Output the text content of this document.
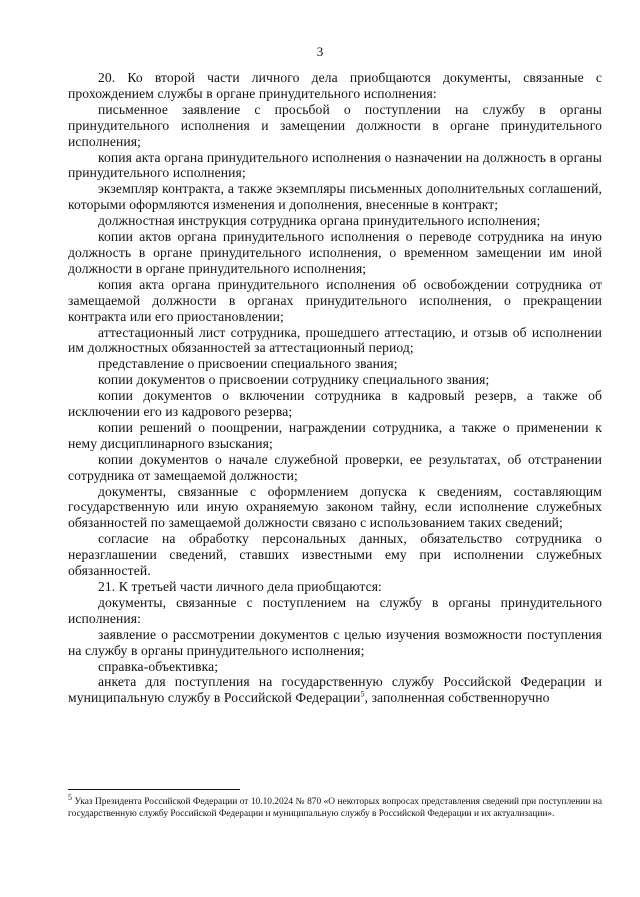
3

20. Ко второй части личного дела приобщаются документы, связанные с прохождением службы в органе принудительного исполнения:

письменное заявление с просьбой о поступлении на службу в органы принудительного исполнения и замещении должности в органе принудительного исполнения;

копия акта органа принудительного исполнения о назначении на должность в органы принудительного исполнения;

экземпляр контракта, а также экземпляры письменных дополнительных соглашений, которыми оформляются изменения и дополнения, внесенные в контракт;

должностная инструкция сотрудника органа принудительного исполнения;

копии актов органа принудительного исполнения о переводе сотрудника на иную должность в органе принудительного исполнения, о временном замещении им иной должности в органе принудительного исполнения;

копия акта органа принудительного исполнения об освобождении сотрудника от замещаемой должности в органах принудительного исполнения, о прекращении контракта или его приостановлении;

аттестационный лист сотрудника, прошедшего аттестацию, и отзыв об исполнении им должностных обязанностей за аттестационный период;

представление о присвоении специального звания;

копии документов о присвоении сотруднику специального звания;

копии документов о включении сотрудника в кадровый резерв, а также об исключении его из кадрового резерва;

копии решений о поощрении, награждении сотрудника, а также о применении к нему дисциплинарного взыскания;

копии документов о начале служебной проверки, ее результатах, об отстранении сотрудника от замещаемой должности;

документы, связанные с оформлением допуска к сведениям, составляющим государственную или иную охраняемую законом тайну, если исполнение служебных обязанностей по замещаемой должности связано с использованием таких сведений;

согласие на обработку персональных данных, обязательство сотрудника о неразглашении сведений, ставших известными ему при исполнении служебных обязанностей.

21. К третьей части личного дела приобщаются:

документы, связанные с поступлением на службу в органы принудительного исполнения:

заявление о рассмотрении документов с целью изучения возможности поступления на службу в органы принудительного исполнения;

справка-объективка;

анкета для поступления на государственную службу Российской Федерации и муниципальную службу в Российской Федерации$^5$, заполненная собственноручно

$^5$ Указ Президента Российской Федерации от 10.10.2024 № 870 «О некоторых вопросах представления сведений при поступлении на государственную службу Российской Федерации и муниципальную службу в Российской Федерации и их актуализации».
